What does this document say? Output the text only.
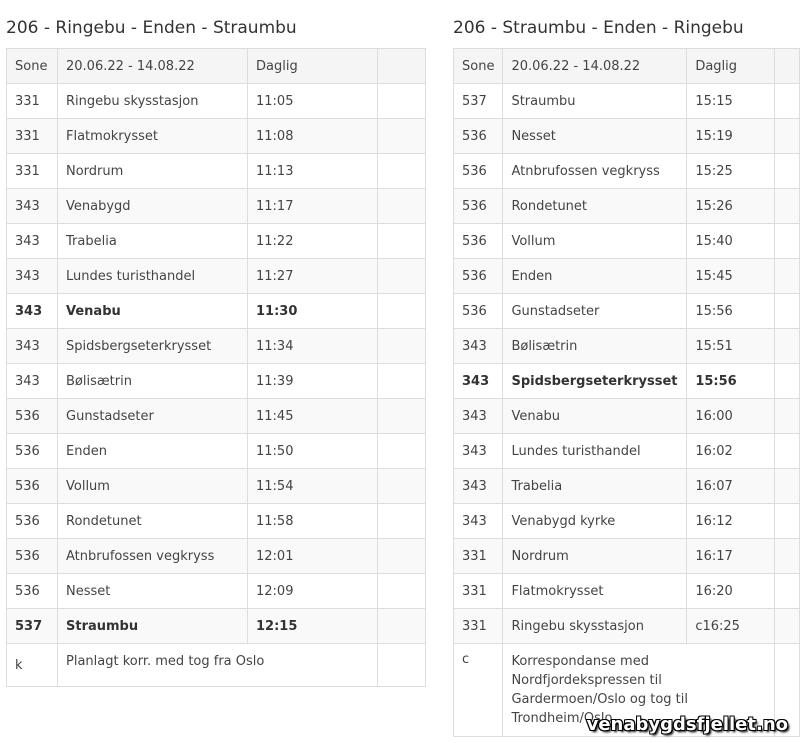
206 - Ringebu - Enden - Straumbu
Sone	20.06.22 - 14.08.22	Daglig	
331	Ringebu skysstasjon	11:05	
331	Flatmokrysset	11:08	
331	Nordrum	11:13	
343	Venabygd	11:17	
343	Trabelia	11:22	
343	Lundes turisthandel	11:27	
343	Venabu	11:30	
343	Spidsbergseterkrysset	11:34	
343	Bølisætrin	11:39	
536	Gunstadseter	11:45	
536	Enden	11:50	
536	Vollum	11:54	
536	Rondetunet	11:58	
536	Atnbrufossen vegkryss	12:01	
536	Nesset	12:09	
537	Straumbu	12:15	
k	Planlagt korr. med tog fra Oslo		
206 - Straumbu - Enden - Ringebu
Sone	20.06.22 - 14.08.22	Daglig	
537	Straumbu	15:15	
536	Nesset	15:19	
536	Atnbrufossen vegkryss	15:25	
536	Rondetunet	15:26	
536	Vollum	15:40	
536	Enden	15:45	
536	Gunstadseter	15:56	
343	Bølisætrin	15:51	
343	Spidsbergseterkrysset	15:56	
343	Venabu	16:00	
343	Lundes turisthandel	16:02	
343	Trabelia	16:07	
343	Venabygd kyrke	16:12	
331	Nordrum	16:17	
331	Flatmokrysset	16:20	
331	Ringebu skysstasjon	c16:25	
c	Korrespondanse med Nordfjordekspressen til Gardermoen/Oslo og tog til Trondheim/Oslo		
venabygdsfjellet.no
